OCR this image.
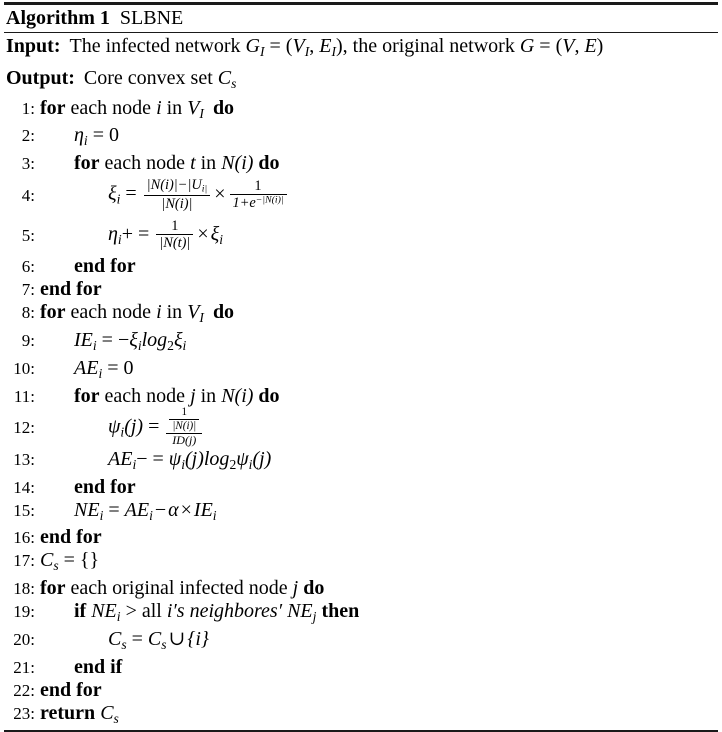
Algorithm 1 SLBNE
Input: The infected network $G_I = (V_I$, $E_I$), the original network G = (V, E)
Output: Core convex set $C_s$
1: for each node i in $V_I$ do
2:	$\eta_i = 0$
3:	for each node t in N(i) do
4:	$\xi_i = \frac{|N(i)|-|U_{i|}}{|N(i)|} \times \frac{1}{1+e^{-|N(i)|}}$
5:	$\eta_i+ = \frac{1}{|N(t)|} \times \xi_i$
6:	end for
7: end for
8: for each node i in $V_I$ do
9:	$IE_i = -\xi_i\log_2\xi_i$
10:	$AE_i = 0$
11:	for each node j in N(i) do
12:	$\psi_i(j) = \frac{\frac{1}{|N(i)|}}{ID(j)}$
13:	$AE_i- = \psi_i(j)\log_2\psi_i(j)$
14:	end for
15:	$NE_i = AE_i - \alpha \times IE_i$
16: end for
17: $C_s$ = {}
18: for each original infected node j do
19:	if $NE_i$ > all i′s neighbores′ $NE_j$ then
20:	$C_s = C_s$ ∪ {i}
21:	end if
22: end for
23: return $C_s$
